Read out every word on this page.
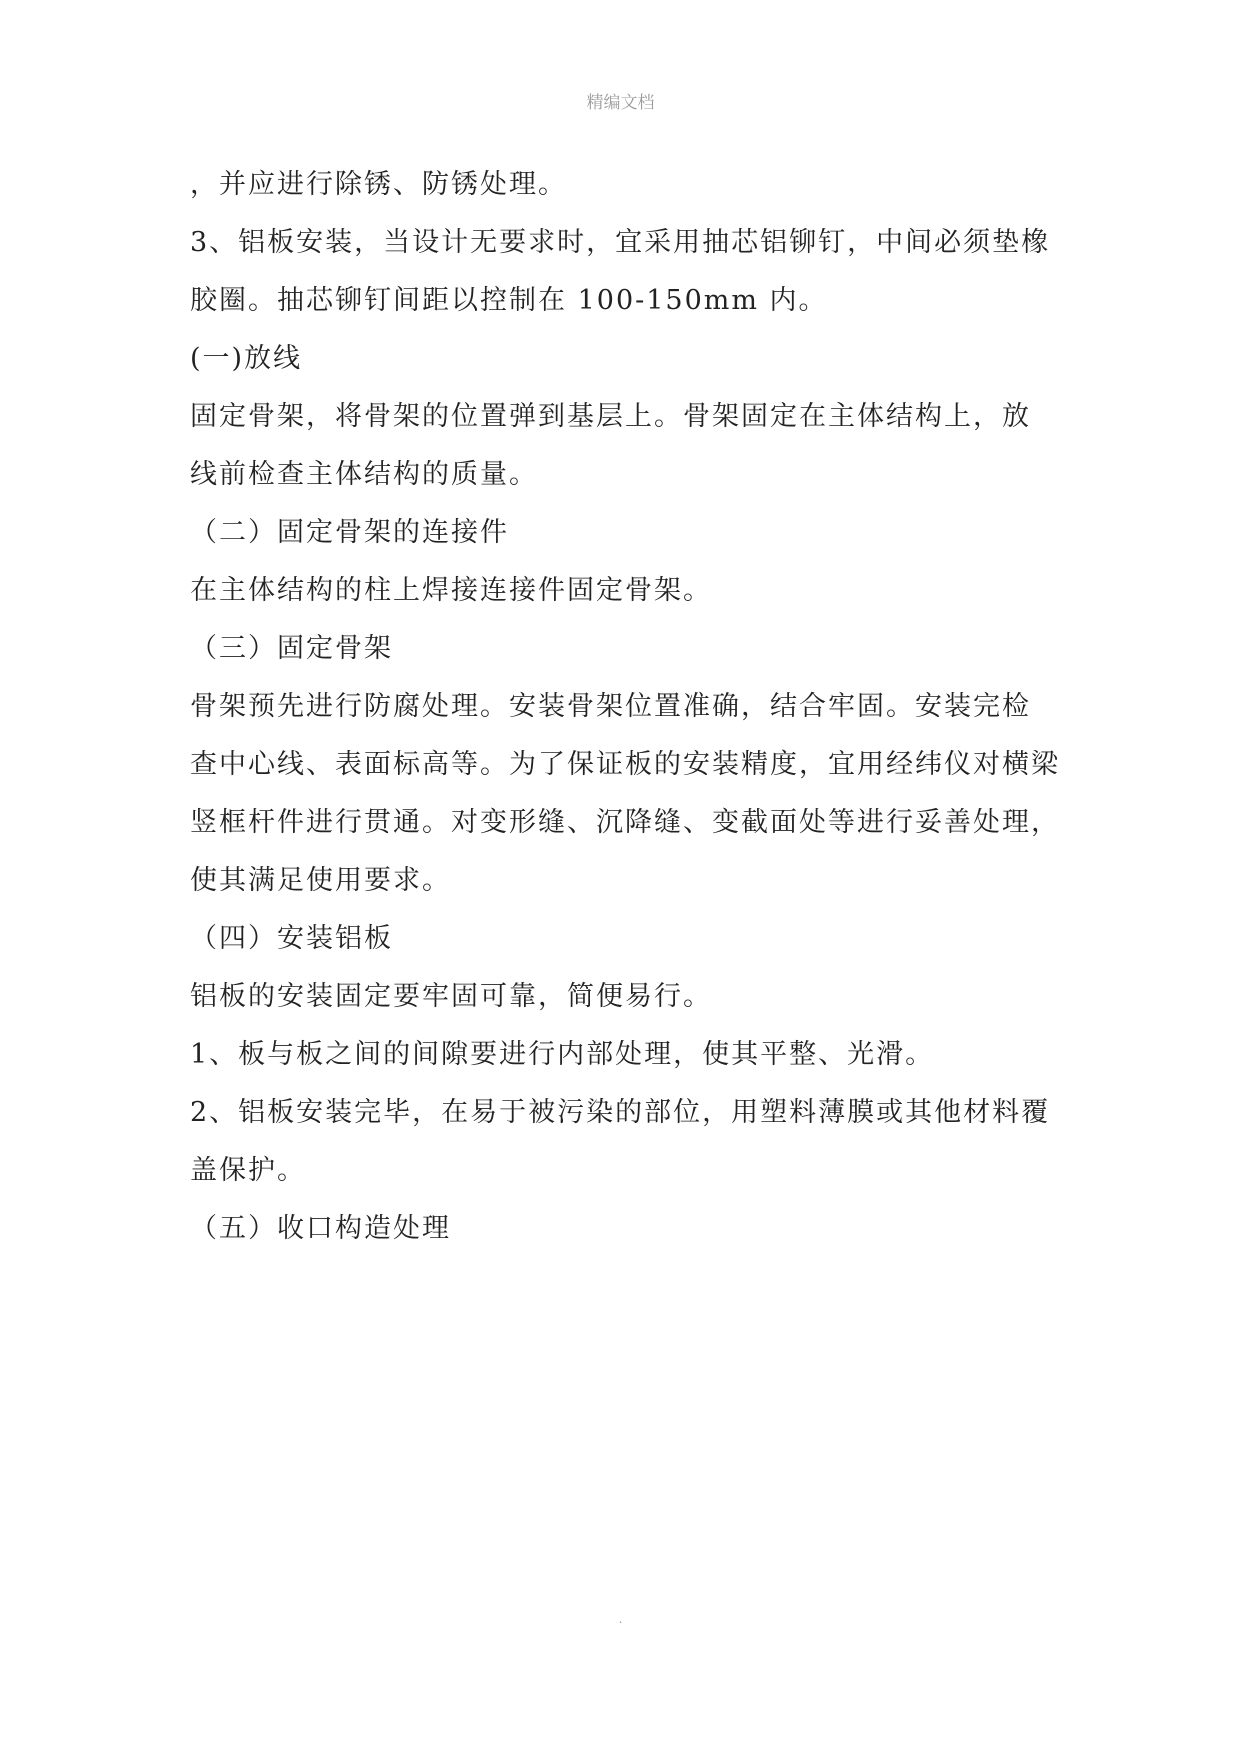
精编文档
，并应进行除锈、防锈处理。
3、铝板安装，当设计无要求时，宜采用抽芯铝铆钉，中间必须垫橡
胶圈。抽芯铆钉间距以控制在 100-150mm 内。
(一)放线
固定骨架，将骨架的位置弹到基层上。骨架固定在主体结构上，放
线前检查主体结构的质量。
（二）固定骨架的连接件
在主体结构的柱上焊接连接件固定骨架。
（三）固定骨架
骨架预先进行防腐处理。安装骨架位置准确，结合牢固。安装完检
查中心线、表面标高等。为了保证板的安装精度，宜用经纬仪对横梁
竖框杆件进行贯通。对变形缝、沉降缝、变截面处等进行妥善处理，
使其满足使用要求。
（四）安装铝板
铝板的安装固定要牢固可靠，简便易行。
1、板与板之间的间隙要进行内部处理，使其平整、光滑。
2、铝板安装完毕，在易于被污染的部位，用塑料薄膜或其他材料覆
盖保护。
（五）收口构造处理
.
